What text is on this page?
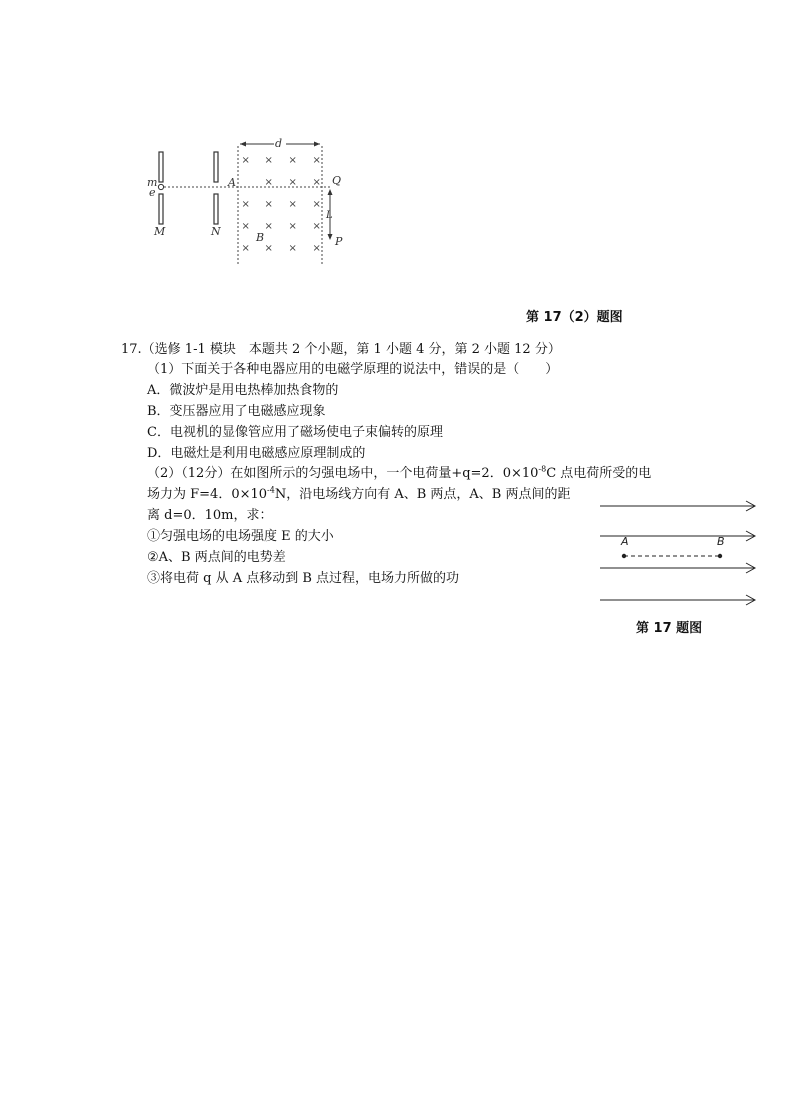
× × × ×
× × ×
× × × ×
× × × ×
× × × ×
d
m
e
A	Q
L
P
B
M	N
第 17（2）题图
17.（选修 1-1 模块　本题共 2 个小题，第 1 小题 4 分，第 2 小题 12 分）
（1）下面关于各种电器应用的电磁学原理的说法中，错误的是（　　）
A．微波炉是用电热棒加热食物的
B．变压器应用了电磁感应现象
C．电视机的显像管应用了磁场使电子束偏转的原理
D．电磁灶是利用电磁感应原理制成的
（2）（12分）在如图所示的匀强电场中，一个电荷量+q=2．$0\times 10^{-8}C$ 点电荷所受的电
场力为 F=4．$0\times 10^{-4}N$，沿电场线方向有 A、B 两点，A、B 两点间的距
离 d=0．10m，求：
①匀强电场的电场强度 E 的大小
②A、B 两点间的电势差
③将电荷 q 从 A 点移动到 B 点过程，电场力所做的功
A	B
第 17 题图
